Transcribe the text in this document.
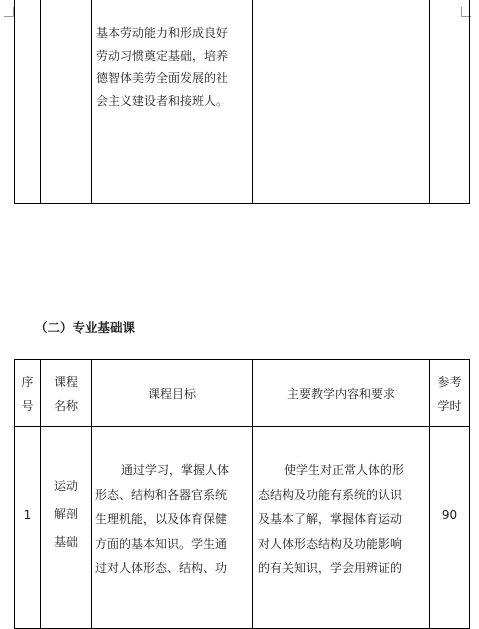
基本劳动能力和形成良好
劳动习惯奠定基础，培养
德智体美劳全面发展的社
会主义建设者和接班人。
（二）专业基础课
序
号
课程
名称
课程目标	主要教学内容和要求
参考
学时
1
运动
解剖
基础
通过学习，掌握人体
形态、结构和各器官系统
生理机能，以及体育保健
方面的基本知识。学生通
过对人体形态、结构、功
使学生对正常人体的形
态结构及功能有系统的认识
及基本了解，掌握体育运动
对人体形态结构及功能影响
的有关知识，学会用辨证的
90
